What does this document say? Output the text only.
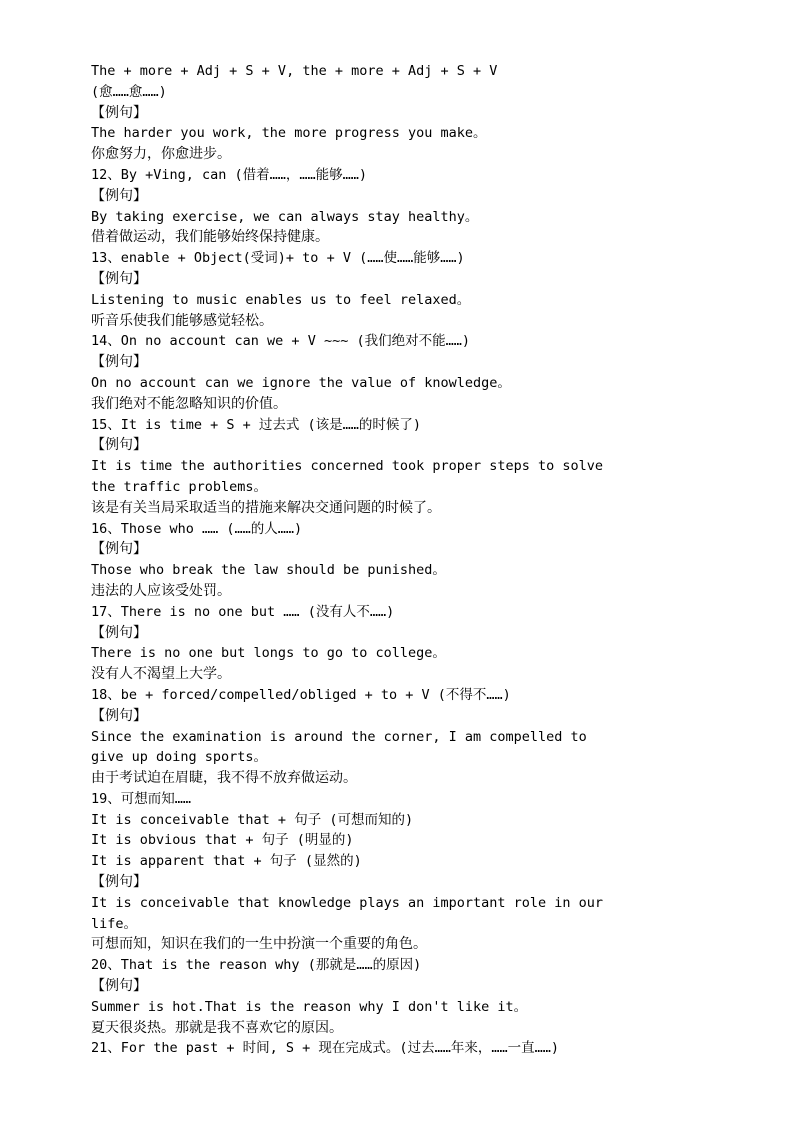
The + more + Adj + S + V, the + more + Adj + S + V
(愈……愈……)
【例句】
The harder you work, the more progress you make。
你愈努力，你愈进步。
12、By +Ving, can (借着……，……能够……)
【例句】
By taking exercise, we can always stay healthy。
借着做运动，我们能够始终保持健康。
13、enable + Object(受词)+ to + V (……使……能够……)
【例句】
Listening to music enables us to feel relaxed。
听音乐使我们能够感觉轻松。
14、On no account can we + V ~~~ (我们绝对不能……)
【例句】
On no account can we ignore the value of knowledge。
我们绝对不能忽略知识的价值。
15、It is time + S + 过去式 (该是……的时候了)
【例句】
It is time the authorities concerned took proper steps to solve
the traffic problems。
该是有关当局采取适当的措施来解决交通问题的时候了。
16、Those who …… (……的人……)
【例句】
Those who break the law should be punished。
违法的人应该受处罚。
17、There is no one but …… (没有人不……)
【例句】
There is no one but longs to go to college。
没有人不渴望上大学。
18、be + forced/compelled/obliged + to + V (不得不……)
【例句】
Since the examination is around the corner, I am compelled to
give up doing sports。
由于考试迫在眉睫，我不得不放弃做运动。
19、可想而知……
It is conceivable that + 句子 (可想而知的)
It is obvious that + 句子 (明显的)
It is apparent that + 句子 (显然的)
【例句】
It is conceivable that knowledge plays an important role in our
life。
可想而知，知识在我们的一生中扮演一个重要的角色。
20、That is the reason why (那就是……的原因)
【例句】
Summer is hot.That is the reason why I don't like it。
夏天很炎热。那就是我不喜欢它的原因。
21、For the past + 时间, S + 现在完成式。(过去……年来，……一直……)
